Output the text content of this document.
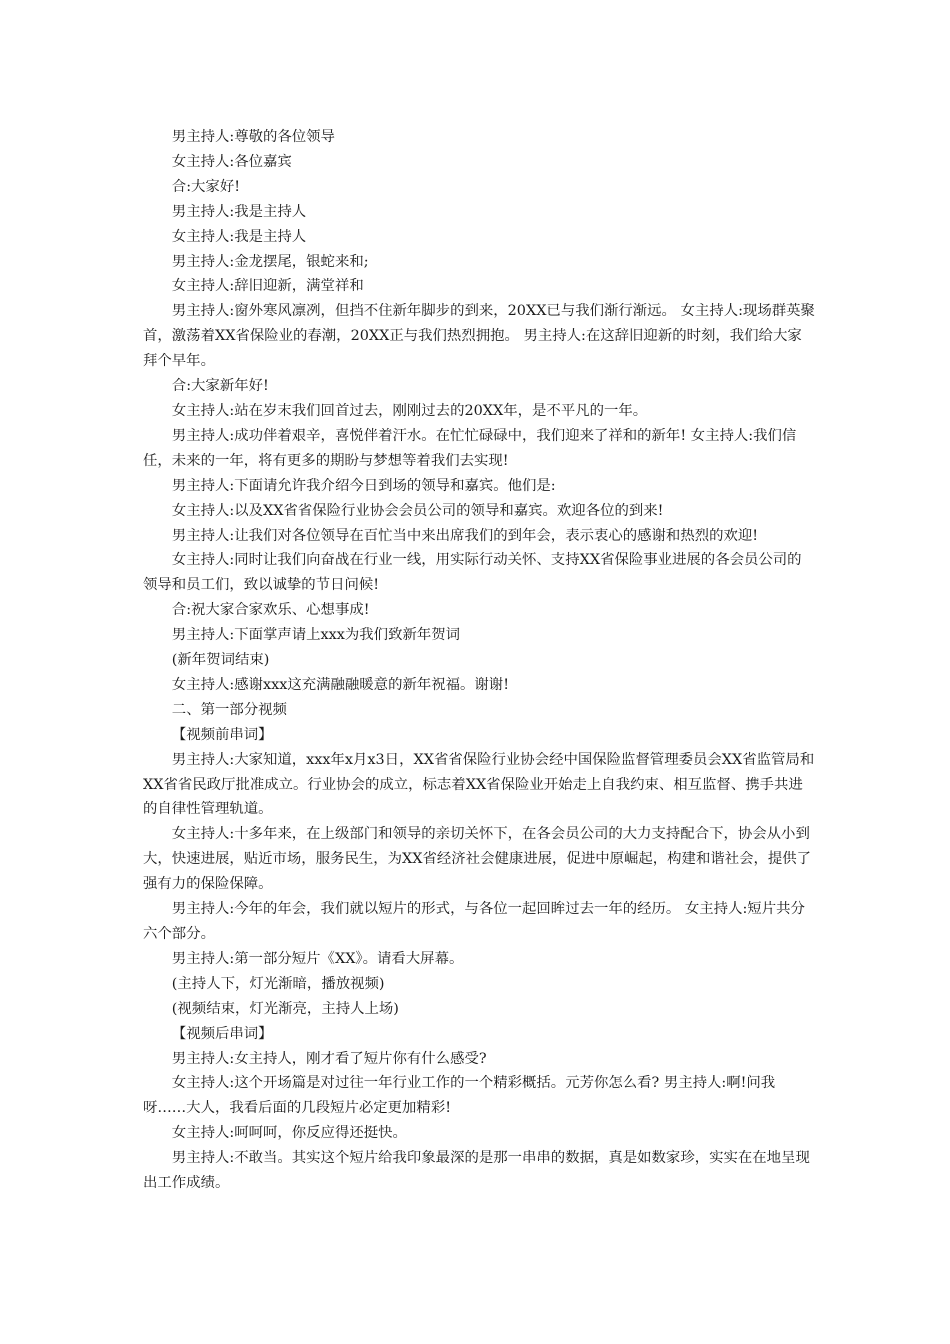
男主持人:尊敬的各位领导

女主持人:各位嘉宾

合:大家好!

男主持人:我是主持人

女主持人:我是主持人

男主持人:金龙摆尾，银蛇来和;

女主持人:辞旧迎新，满堂祥和

男主持人:窗外寒风凛冽，但挡不住新年脚步的到来，20XX已与我们渐行渐远。 女主持人:现场群英聚首，激荡着XX省保险业的春潮，20XX正与我们热烈拥抱。 男主持人:在这辞旧迎新的时刻，我们给大家拜个早年。

合:大家新年好!

女主持人:站在岁末我们回首过去，刚刚过去的20XX年，是不平凡的一年。

男主持人:成功伴着艰辛，喜悦伴着汗水。在忙忙碌碌中，我们迎来了祥和的新年! 女主持人:我们信任，未来的一年，将有更多的期盼与梦想等着我们去实现!

男主持人:下面请允许我介绍今日到场的领导和嘉宾。他们是:

女主持人:以及XX省省保险行业协会会员公司的领导和嘉宾。欢迎各位的到来!

男主持人:让我们对各位领导在百忙当中来出席我们的到年会，表示衷心的感谢和热烈的欢迎!

女主持人:同时让我们向奋战在行业一线，用实际行动关怀、支持XX省保险事业进展的各会员公司的领导和员工们，致以诚挚的节日问候!

合:祝大家合家欢乐、心想事成!

男主持人:下面掌声请上xxx为我们致新年贺词

(新年贺词结束)

女主持人:感谢xxx这充满融融暖意的新年祝福。谢谢!

二、第一部分视频

【视频前串词】

男主持人:大家知道，xxx年x月x3日，XX省省保险行业协会经中国保险监督管理委员会XX省监管局和XX省省民政厅批准成立。行业协会的成立，标志着XX省保险业开始走上自我约束、相互监督、携手共进的自律性管理轨道。

女主持人:十多年来，在上级部门和领导的亲切关怀下，在各会员公司的大力支持配合下，协会从小到大，快速进展，贴近市场，服务民生，为XX省经济社会健康进展，促进中原崛起，构建和谐社会，提供了强有力的保险保障。

男主持人:今年的年会，我们就以短片的形式，与各位一起回眸过去一年的经历。 女主持人:短片共分六个部分。

男主持人:第一部分短片《XX》。请看大屏幕。

(主持人下，灯光渐暗，播放视频)

(视频结束，灯光渐亮，主持人上场)

【视频后串词】

男主持人:女主持人，刚才看了短片你有什么感受?

女主持人:这个开场篇是对过往一年行业工作的一个精彩概括。元芳你怎么看? 男主持人:啊!问我呀……大人，我看后面的几段短片必定更加精彩!

女主持人:呵呵呵，你反应得还挺快。

男主持人:不敢当。其实这个短片给我印象最深的是那一串串的数据，真是如数家珍，实实在在地呈现出工作成绩。
